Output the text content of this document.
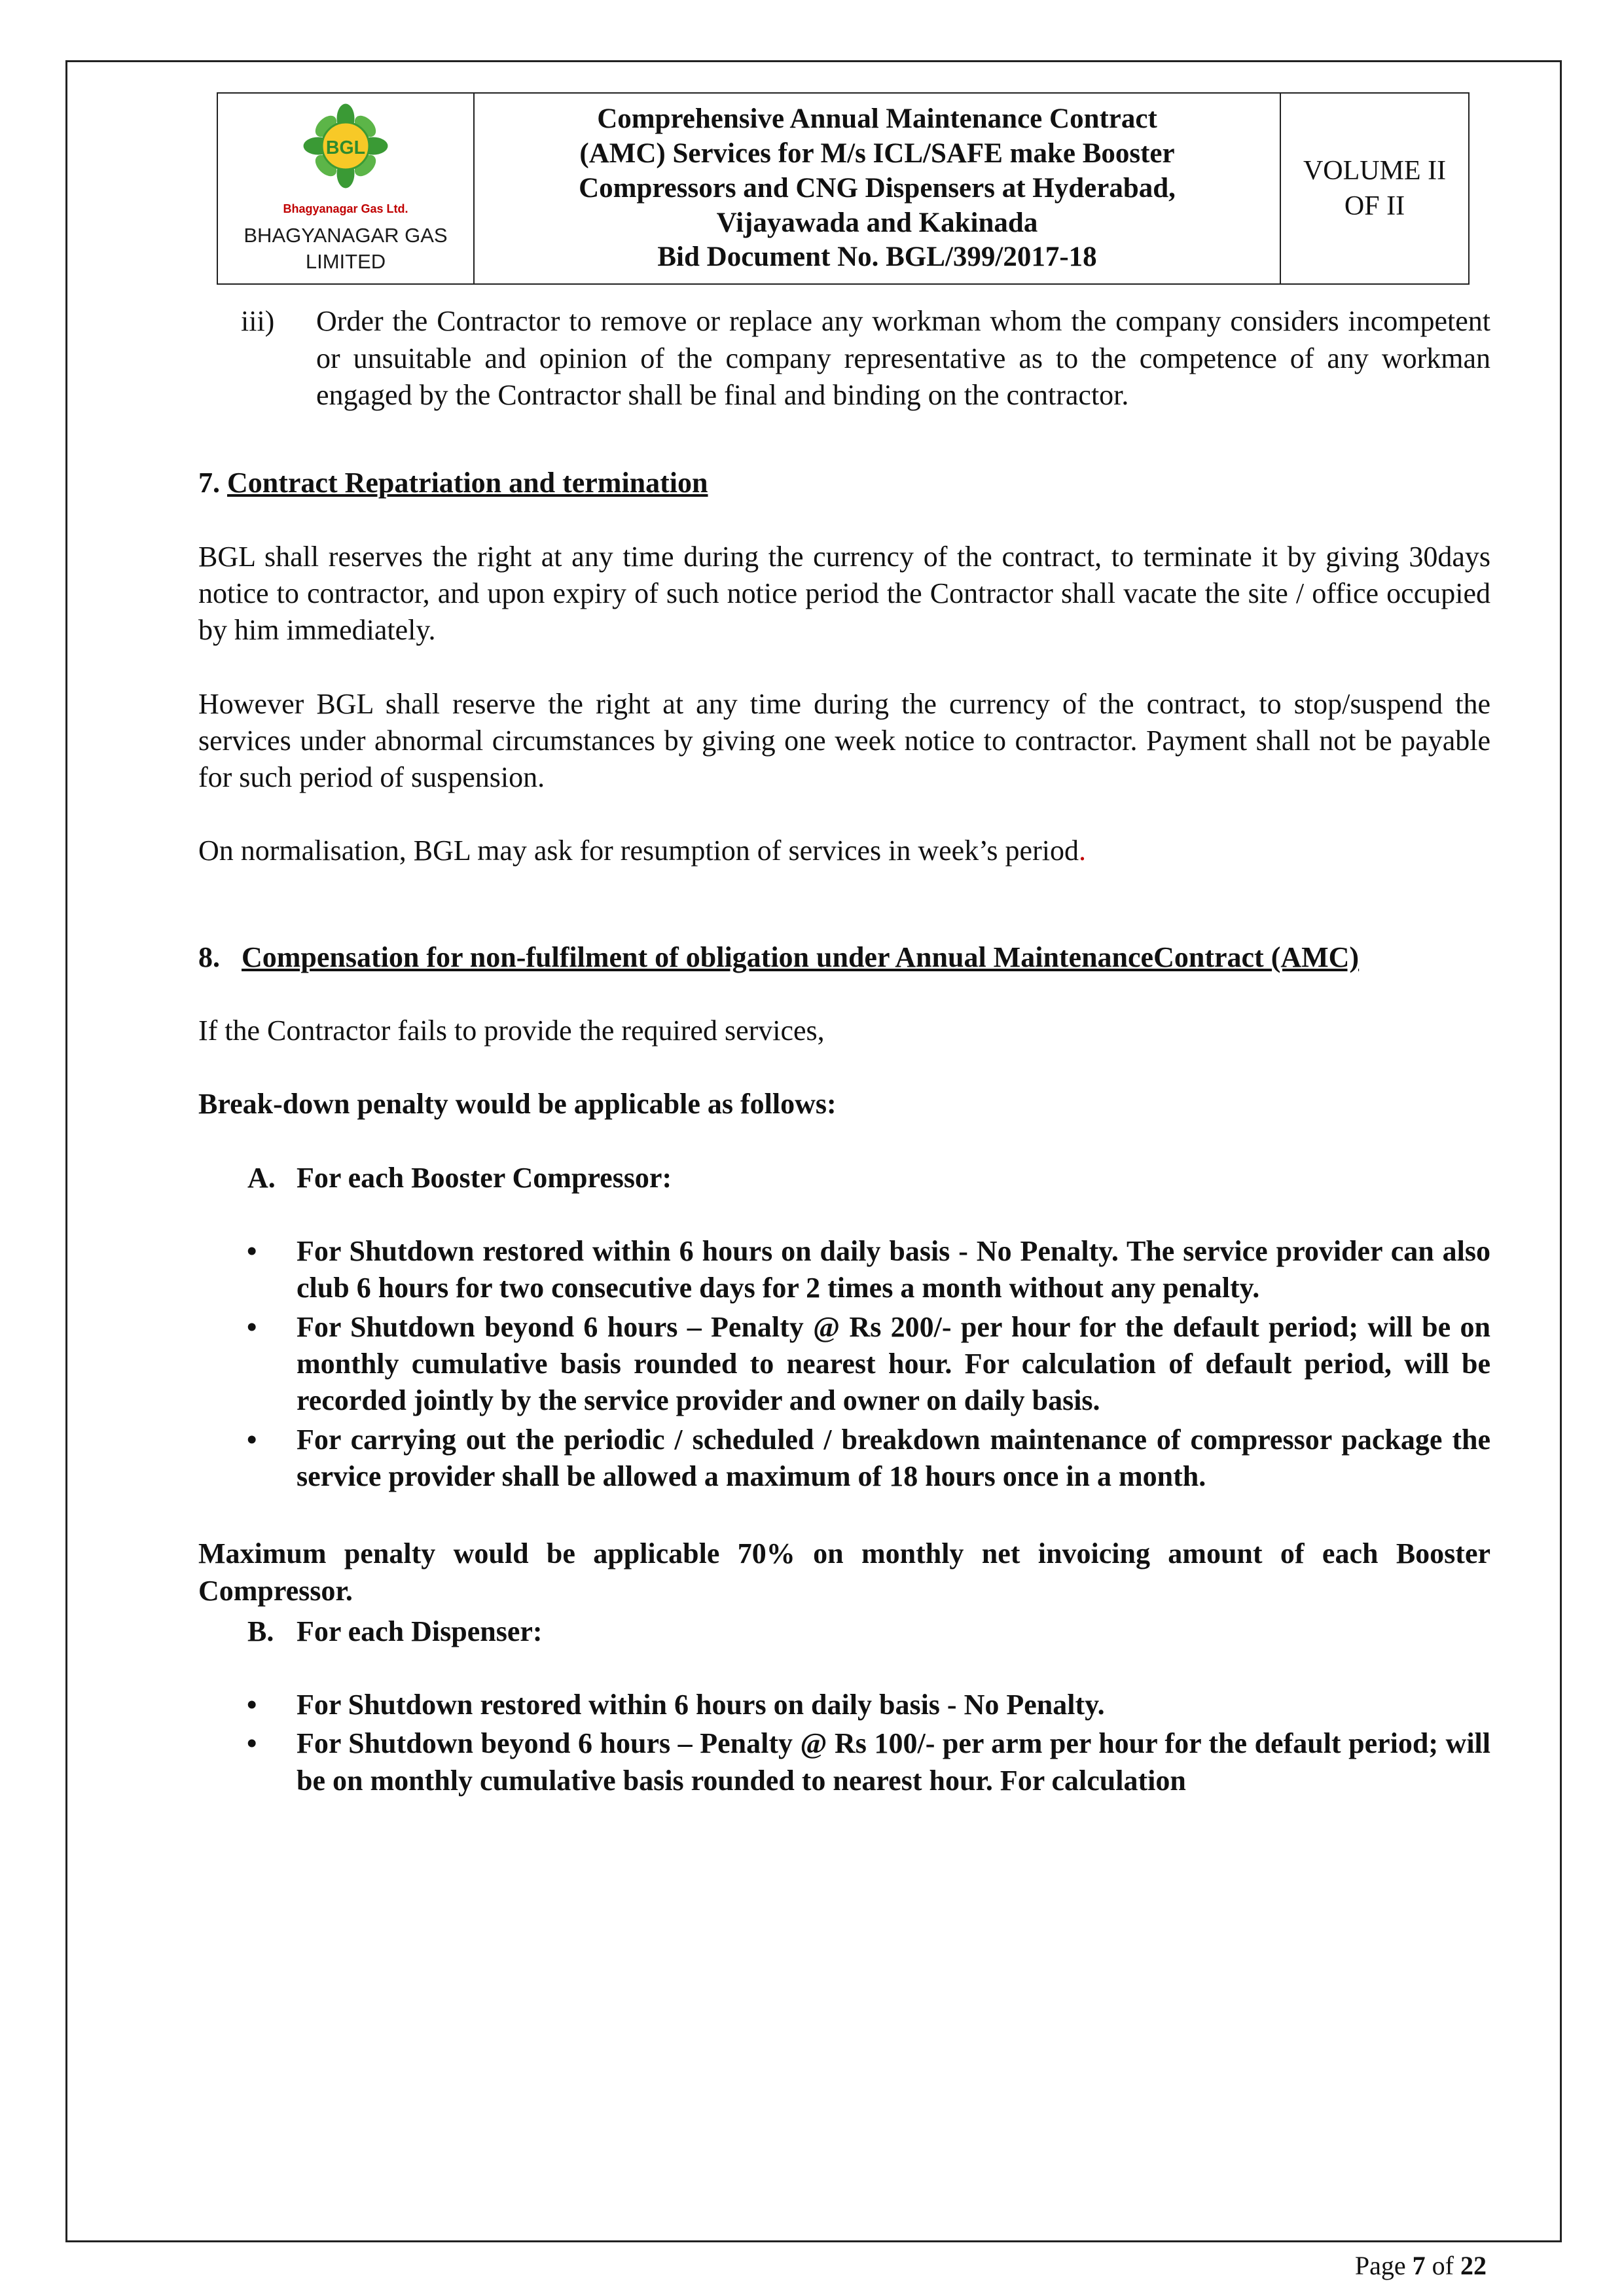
BGL
Bhagyanagar Gas Ltd.
BHAGYANAGAR GAS
LIMITED

Comprehensive Annual Maintenance Contract
(AMC) Services for M/s ICL/SAFE make Booster
Compressors and CNG Dispensers at Hyderabad,
Vijayawada and Kakinada
Bid Document No. BGL/399/2017-18

VOLUME II
OF II
iii) Order the Contractor to remove or replace any workman whom the company considers incompetent or unsuitable and opinion of the company representative as to the competence of any workman engaged by the Contractor shall be final and binding on the contractor.
7. Contract Repatriation and termination

BGL shall reserves the right at any time during the currency of the contract, to terminate it by giving 30days notice to contractor, and upon expiry of such notice period the Contractor shall vacate the site / office occupied by him immediately.

However BGL shall reserve the right at any time during the currency of the contract, to stop/suspend the services under abnormal circumstances by giving one week notice to contractor. Payment shall not be payable for such period of suspension.

On normalisation, BGL may ask for resumption of services in week’s period.

8. Compensation for non-fulfilment of obligation under Annual MaintenanceContract (AMC)

If the Contractor fails to provide the required services,

Break-down penalty would be applicable as follows:

A. For each Booster Compressor:
• For Shutdown restored within 6 hours on daily basis - No Penalty. The service provider can also club 6 hours for two consecutive days for 2 times a month without any penalty.
• For Shutdown beyond 6 hours – Penalty @ Rs 200/- per hour for the default period; will be on monthly cumulative basis rounded to nearest hour. For calculation of default period, will be recorded jointly by the service provider and owner on daily basis.
• For carrying out the periodic / scheduled / breakdown maintenance of compressor package the service provider shall be allowed a maximum of 18 hours once in a month.

Maximum penalty would be applicable 70% on monthly net invoicing amount of each Booster Compressor.

B. For each Dispenser:
• For Shutdown restored within 6 hours on daily basis - No Penalty.
• For Shutdown beyond 6 hours – Penalty @ Rs 100/- per arm per hour for the default period; will be on monthly cumulative basis rounded to nearest hour. For calculation
Page 7 of 22
